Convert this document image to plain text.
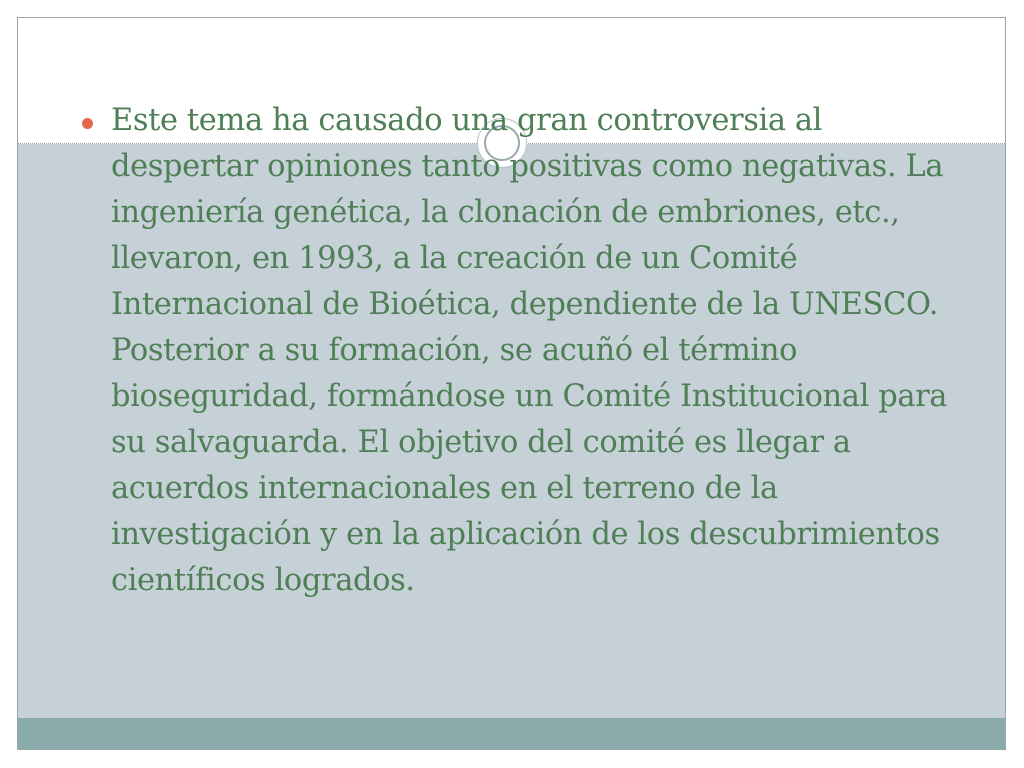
Este tema ha causado una gran controversia al despertar opiniones tanto positivas como negativas. La ingeniería genética, la clonación de embriones, etc., llevaron, en 1993, a la creación de un Comité Internacional de Bioética, dependiente de la UNESCO. Posterior a su formación, se acuñó el término bioseguridad, formándose un Comité Institucional para su salvaguarda. El objetivo del comité es llegar a acuerdos internacionales en el terreno de la investigación y en la aplicación de los descubrimientos científicos logrados.
